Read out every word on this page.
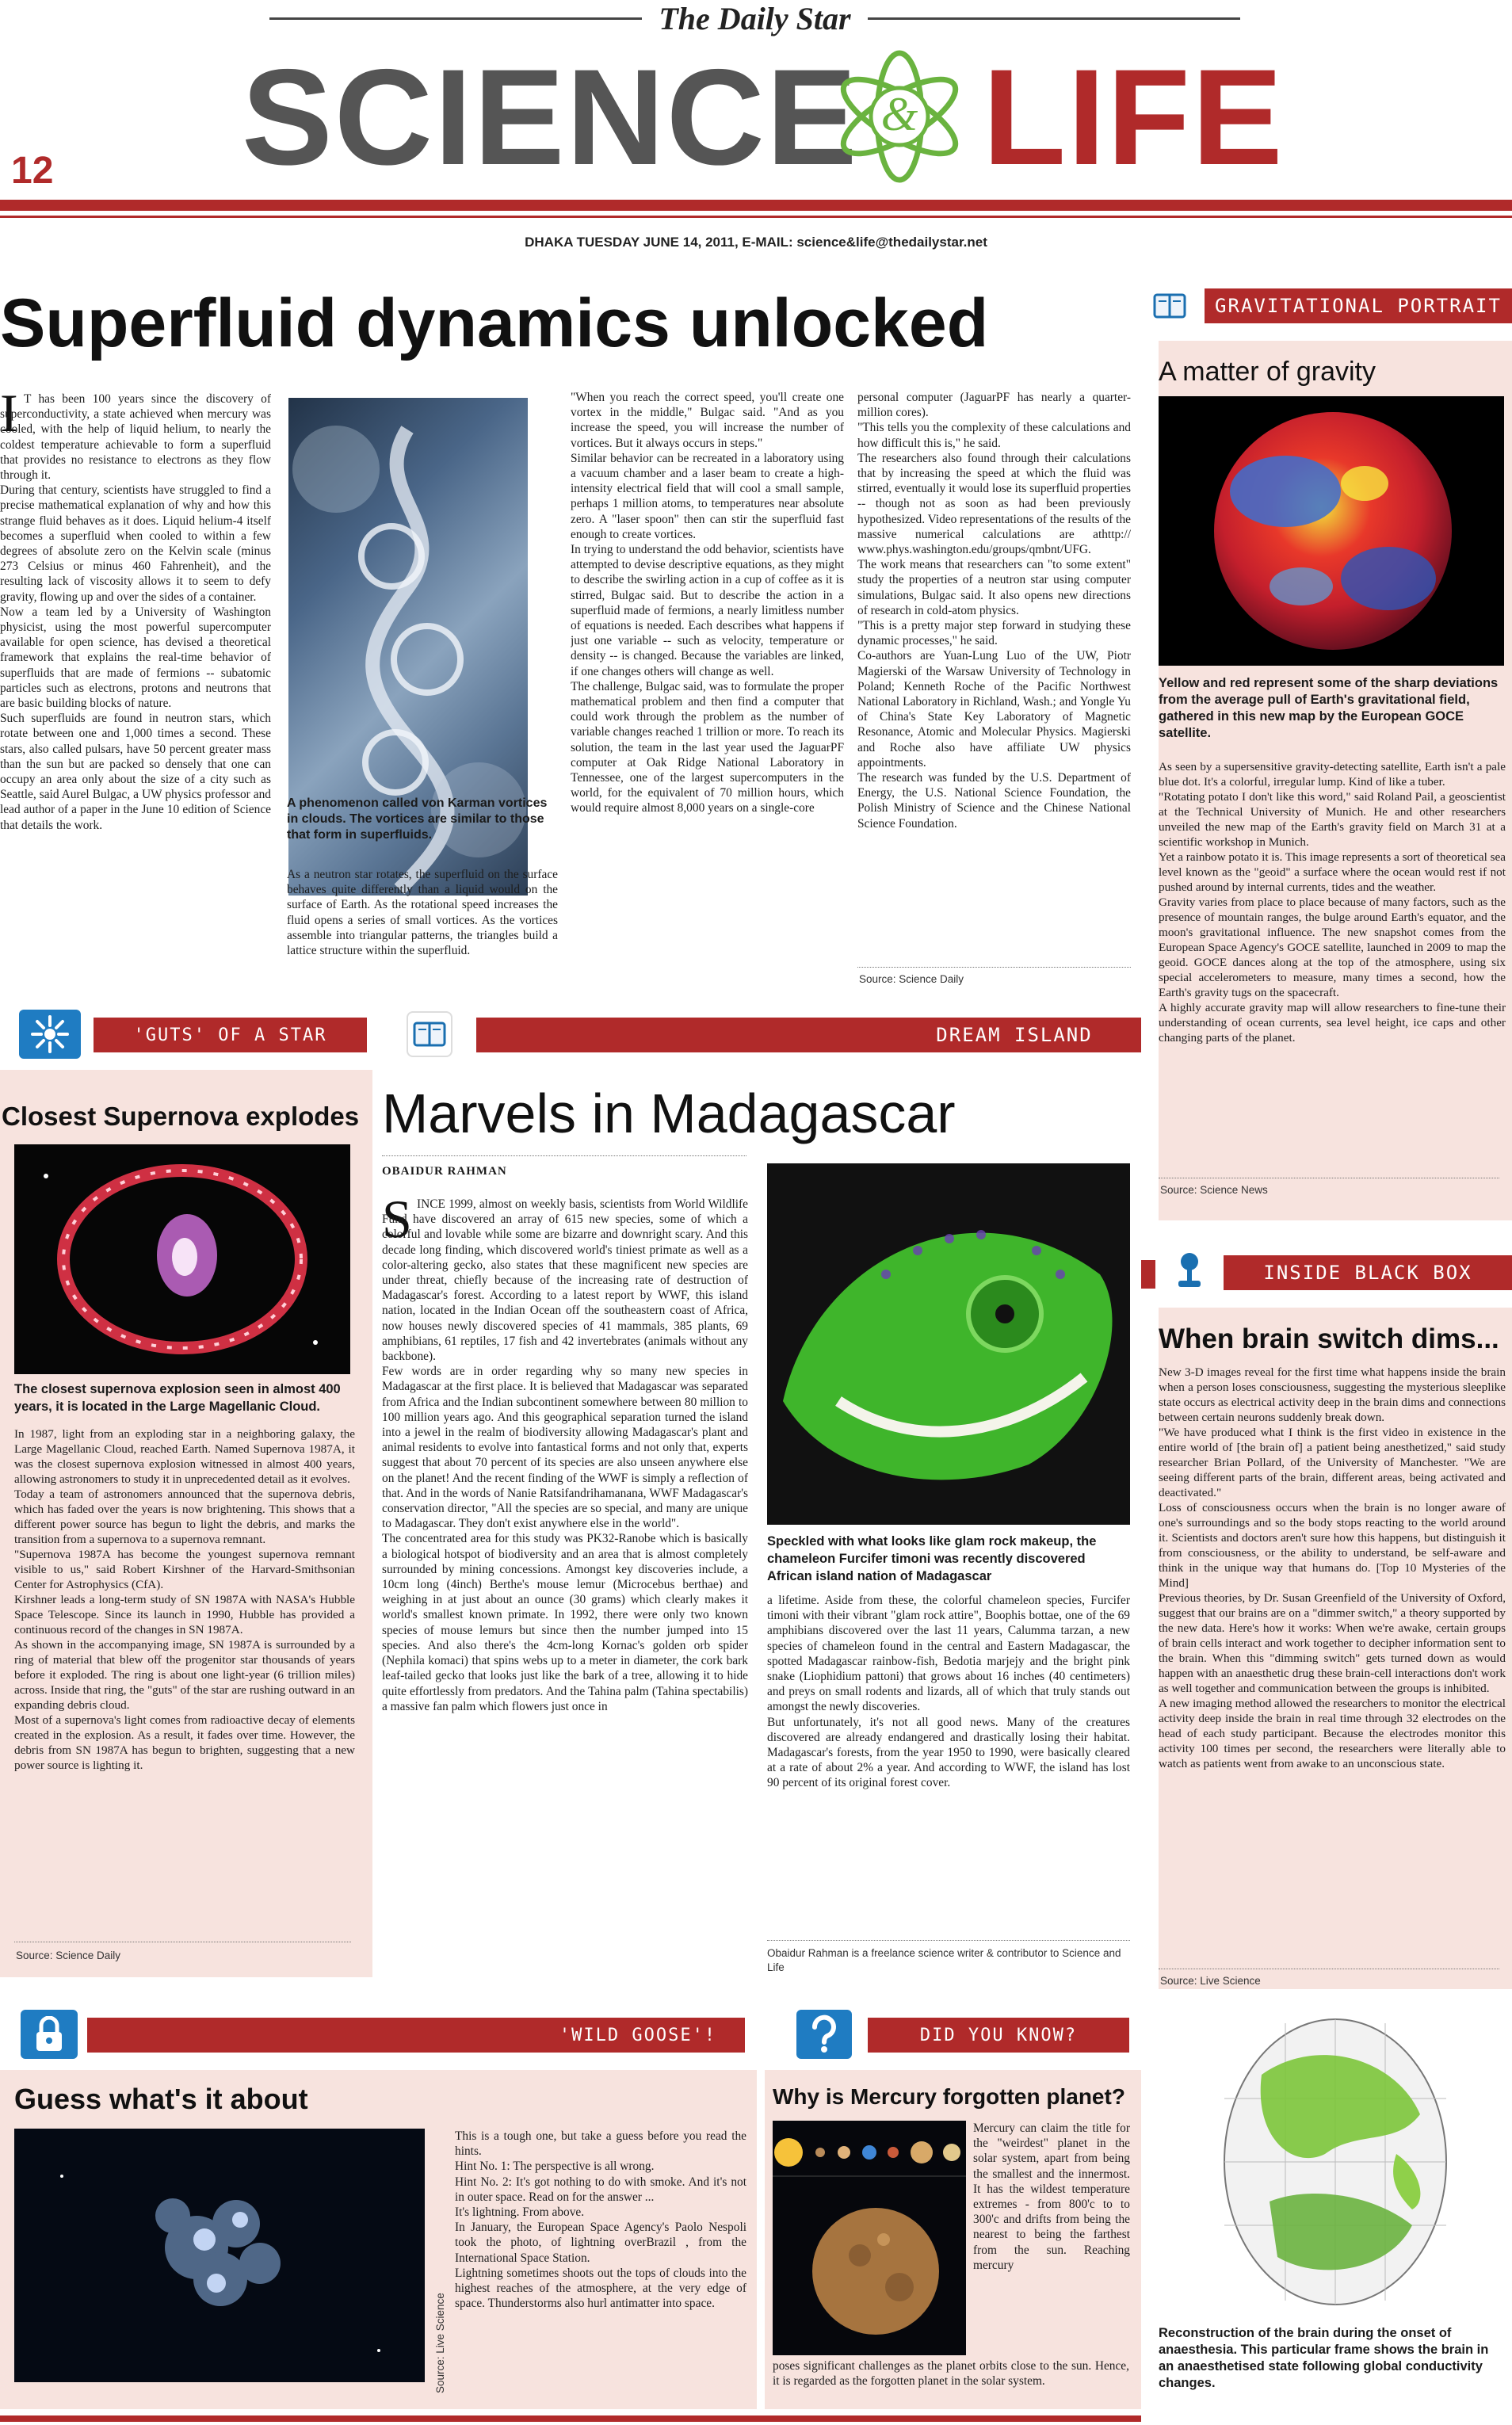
The Daily Star
SCIENCE & LIFE
12
DHAKA TUESDAY JUNE 14, 2011, E-MAIL: science&life@thedailystar.net
Superfluid dynamics unlocked
I T has been 100 years since the discovery of superconductivity, a state achieved when mercury was cooled, with the help of liquid helium, to nearly the coldest temperature achievable to form a superfluid that provides no resistance to electrons as they flow through it.
During that century, scientists have struggled to find a precise mathematical explanation of why and how this strange fluid behaves as it does. Liquid helium-4 itself becomes a superfluid when cooled to within a few degrees of absolute zero on the Kelvin scale (minus 273 Celsius or minus 460 Fahrenheit), and the resulting lack of viscosity allows it to seem to defy gravity, flowing up and over the sides of a container.
Now a team led by a University of Washington physicist, using the most powerful supercomputer available for open science, has devised a theoretical framework that explains the real-time behavior of superfluids that are made of fermions -- subatomic particles such as electrons, protons and neutrons that are basic building blocks of nature.
Such superfluids are found in neutron stars, which rotate between one and 1,000 times a second. These stars, also called pulsars, have 50 percent greater mass than the sun but are packed so densely that one can occupy an area only about the size of a city such as Seattle, said Aurel Bulgac, a UW physics professor and lead author of a paper in the June 10 edition of Science that details the work.
A phenomenon called von Karman vortices in clouds. The vortices are similar to those that form in superfluids.
As a neutron star rotates, the superfluid on the surface behaves quite differently than a liquid would on the surface of Earth. As the rotational speed increases the fluid opens a series of small vortices. As the vortices assemble into triangular patterns, the triangles build a lattice structure within the superfluid.
"When you reach the correct speed, you'll create one vortex in the middle," Bulgac said. "And as you increase the speed, you will increase the number of vortices. But it always occurs in steps."
Similar behavior can be recreated in a laboratory using a vacuum chamber and a laser beam to create a high-intensity electrical field that will cool a small sample, perhaps 1 million atoms, to temperatures near absolute zero. A "laser spoon" then can stir the superfluid fast enough to create vortices.
In trying to understand the odd behavior, scientists have attempted to devise descriptive equations, as they might to describe the swirling action in a cup of coffee as it is stirred, Bulgac said. But to describe the action in a superfluid made of fermions, a nearly limitless number of equations is needed. Each describes what happens if just one variable -- such as velocity, temperature or density -- is changed. Because the variables are linked, if one changes others will change as well.
The challenge, Bulgac said, was to formulate the proper mathematical problem and then find a computer that could work through the problem as the number of variable changes reached 1 trillion or more. To reach its solution, the team in the last year used the JaguarPF computer at Oak Ridge National Laboratory in Tennessee, one of the largest supercomputers in the world, for the equivalent of 70 million hours, which would require almost 8,000 years on a single-core
personal computer (JaguarPF has nearly a quarter-million cores).
"This tells you the complexity of these calculations and how difficult this is," he said.
The researchers also found through their calculations that by increasing the speed at which the fluid was stirred, eventually it would lose its superfluid properties -- though not as soon as had been previously hypothesized. Video representations of the results of the massive numerical calculations are athttp:// www.phys.washington.edu/groups/qmbnt/UFG.
The work means that researchers can "to some extent" study the properties of a neutron star using computer simulations, Bulgac said. It also opens new directions of research in cold-atom physics.
"This is a pretty major step forward in studying these dynamic processes," he said.
Co-authors are Yuan-Lung Luo of the UW, Piotr Magierski of the Warsaw University of Technology in Poland; Kenneth Roche of the Pacific Northwest National Laboratory in Richland, Wash.; and Yongle Yu of China's State Key Laboratory of Magnetic Resonance, Atomic and Molecular Physics. Magierski and Roche also have affiliate UW physics appointments.
The research was funded by the U.S. Department of Energy, the U.S. National Science Foundation, the Polish Ministry of Science and the Chinese National Science Foundation.
Source: Science Daily
GRAVITATIONAL PORTRAIT
A matter of gravity
Yellow and red represent some of the sharp deviations from the average pull of Earth's gravitational field, gathered in this new map by the European GOCE satellite.
As seen by a supersensitive gravity-detecting satellite, Earth isn't a pale blue dot. It's a colorful, irregular lump. Kind of like a tuber.
"Rotating potato I don't like this word," said Roland Pail, a geoscientist at the Technical University of Munich. He and other researchers unveiled the new map of the Earth's gravity field on March 31 at a scientific workshop in Munich.
Yet a rainbow potato it is. This image represents a sort of theoretical sea level known as the "geoid" a surface where the ocean would rest if not pushed around by internal currents, tides and the weather.
Gravity varies from place to place because of many factors, such as the presence of mountain ranges, the bulge around Earth's equator, and the moon's gravitational influence. The new snapshot comes from the European Space Agency's GOCE satellite, launched in 2009 to map the geoid. GOCE dances along at the top of the atmosphere, using six special accelerometers to measure, many times a second, how the Earth's gravity tugs on the spacecraft.
A highly accurate gravity map will allow researchers to fine-tune their understanding of ocean currents, sea level height, ice caps and other changing parts of the planet.
Source: Science News
'GUTS' OF A STAR	DREAM ISLAND
Closest Supernova explodes
The closest supernova explosion seen in almost 400 years, it is located in the Large Magellanic Cloud.
In 1987, light from an exploding star in a neighboring galaxy, the Large Magellanic Cloud, reached Earth. Named Supernova 1987A, it was the closest supernova explosion witnessed in almost 400 years, allowing astronomers to study it in unprecedented detail as it evolves.
Today a team of astronomers announced that the supernova debris, which has faded over the years is now brightening. This shows that a different power source has begun to light the debris, and marks the transition from a supernova to a supernova remnant.
"Supernova 1987A has become the youngest supernova remnant visible to us," said Robert Kirshner of the Harvard-Smithsonian Center for Astrophysics (CfA).
Kirshner leads a long-term study of SN 1987A with NASA's Hubble Space Telescope. Since its launch in 1990, Hubble has provided a continuous record of the changes in SN 1987A.
As shown in the accompanying image, SN 1987A is surrounded by a ring of material that blew off the progenitor star thousands of years before it exploded. The ring is about one light-year (6 trillion miles) across. Inside that ring, the "guts" of the star are rushing outward in an expanding debris cloud.
Most of a supernova's light comes from radioactive decay of elements created in the explosion. As a result, it fades over time. However, the debris from SN 1987A has begun to brighten, suggesting that a new power source is lighting it.
Source: Science Daily
Marvels in Madagascar
OBAIDUR RAHMAN
S INCE 1999, almost on weekly basis, scientists from World Wildlife Fund have discovered an array of 615 new species, some of which a colorful and lovable while some are bizarre and downright scary. And this decade long finding, which discovered world's tiniest primate as well as a color-altering gecko, also states that these magnificent new species are under threat, chiefly because of the increasing rate of destruction of Madagascar's forest. According to a latest report by WWF, this island nation, located in the Indian Ocean off the southeastern coast of Africa, now houses newly discovered species of 41 mammals, 385 plants, 69 amphibians, 61 reptiles, 17 fish and 42 invertebrates (animals without any backbone).
Few words are in order regarding why so many new species in Madagascar at the first place. It is believed that Madagascar was separated from Africa and the Indian subcontinent somewhere between 80 million to 100 million years ago. And this geographical separation turned the island into a jewel in the realm of biodiversity allowing Madagascar's plant and animal residents to evolve into fantastical forms and not only that, experts suggest that about 70 percent of its species are also unseen anywhere else on the planet! And the recent finding of the WWF is simply a reflection of that. And in the words of Nanie Ratsifandrihamanana, WWF Madagascar's conservation director, "All the species are so special, and many are unique to Madagascar. They don't exist anywhere else in the world".
The concentrated area for this study was PK32-Ranobe which is basically a biological hotspot of biodiversity and an area that is almost completely surrounded by mining concessions. Amongst key discoveries include, a 10cm long (4inch) Berthe's mouse lemur (Microcebus berthae) and weighing in at just about an ounce (30 grams) which clearly makes it world's smallest known primate. In 1992, there were only two known species of mouse lemurs but since then the number jumped into 15 species. And also there's the 4cm-long Kornac's golden orb spider (Nephila komaci) that spins webs up to a meter in diameter, the cork bark leaf-tailed gecko that looks just like the bark of a tree, allowing it to hide quite effortlessly from predators. And the Tahina palm (Tahina spectabilis) a massive fan palm which flowers just once in
Speckled with what looks like glam rock makeup, the chameleon Furcifer timoni was recently discovered African island nation of Madagascar
a lifetime. Aside from these, the colorful chameleon species, Furcifer timoni with their vibrant "glam rock attire", Boophis bottae, one of the 69 amphibians discovered over the last 11 years, Calumma tarzan, a new species of chameleon found in the central and Eastern Madagascar, the spotted Madagascar rainbow-fish, Bedotia marjejy and the bright pink snake (Liophidium pattoni) that grows about 16 inches (40 centimeters) and preys on small rodents and lizards, all of which that truly stands out amongst the newly discoveries.
But unfortunately, it's not all good news. Many of the creatures discovered are already endangered and drastically losing their habitat. Madagascar's forests, from the year 1950 to 1990, were basically cleared at a rate of about 2% a year. And according to WWF, the island has lost 90 percent of its original forest cover.
Obaidur Rahman is a freelance science writer & contributor to Science and Life
INSIDE BLACK BOX
When brain switch dims...
New 3-D images reveal for the first time what happens inside the brain when a person loses consciousness, suggesting the mysterious sleeplike state occurs as electrical activity deep in the brain dims and connections between certain neurons suddenly break down.
"We have produced what I think is the first video in existence in the entire world of [the brain of] a patient being anesthetized," said study researcher Brian Pollard, of the University of Manchester. "We are seeing different parts of the brain, different areas, being activated and deactivated."
Loss of consciousness occurs when the brain is no longer aware of one's surroundings and so the body stops reacting to the world around it. Scientists and doctors aren't sure how this happens, but distinguish it from consciousness, or the ability to understand, be self-aware and think in the unique way that humans do. [Top 10 Mysteries of the Mind]
Previous theories, by Dr. Susan Greenfield of the University of Oxford, suggest that our brains are on a "dimmer switch," a theory supported by the new data. Here's how it works: When we're awake, certain groups of brain cells interact and work together to decipher information sent to the brain. When this "dimming switch" gets turned down as would happen with an anaesthetic drug these brain-cell interactions don't work as well together and communication between the groups is inhibited.
A new imaging method allowed the researchers to monitor the electrical activity deep inside the brain in real time through 32 electrodes on the head of each study participant. Because the electrodes monitor this activity 100 times per second, the researchers were literally able to watch as patients went from awake to an unconscious state.
Source: Live Science
Reconstruction of the brain during the onset of anaesthesia. This particular frame shows the brain in an anaesthetised state following global conductivity changes.
'WILD GOOSE'!	DID YOU KNOW?
Guess what's it about
Source: Live Science
This is a tough one, but take a guess before you read the hints.
Hint No. 1: The perspective is all wrong.
Hint No. 2: It's got nothing to do with smoke. And it's not in outer space. Read on for the answer ...
It's lightning. From above.
In January, the European Space Agency's Paolo Nespoli took the photo, of lightning overBrazil , from the International Space Station.
Lightning sometimes shoots out the tops of clouds into the highest reaches of the atmosphere, at the very edge of space. Thunderstorms also hurl antimatter into space.
Why is Mercury forgotten planet?
Mercury can claim the title for the "weirdest" planet in the solar system, apart from being the smallest and the innermost. It has the wildest temperature extremes - from 800'c to to 300'c and drifts from being the nearest to being the farthest from the sun. Reaching mercury
poses significant challenges as the planet orbits close to the sun. Hence, it is regarded as the forgotten planet in the solar system.
